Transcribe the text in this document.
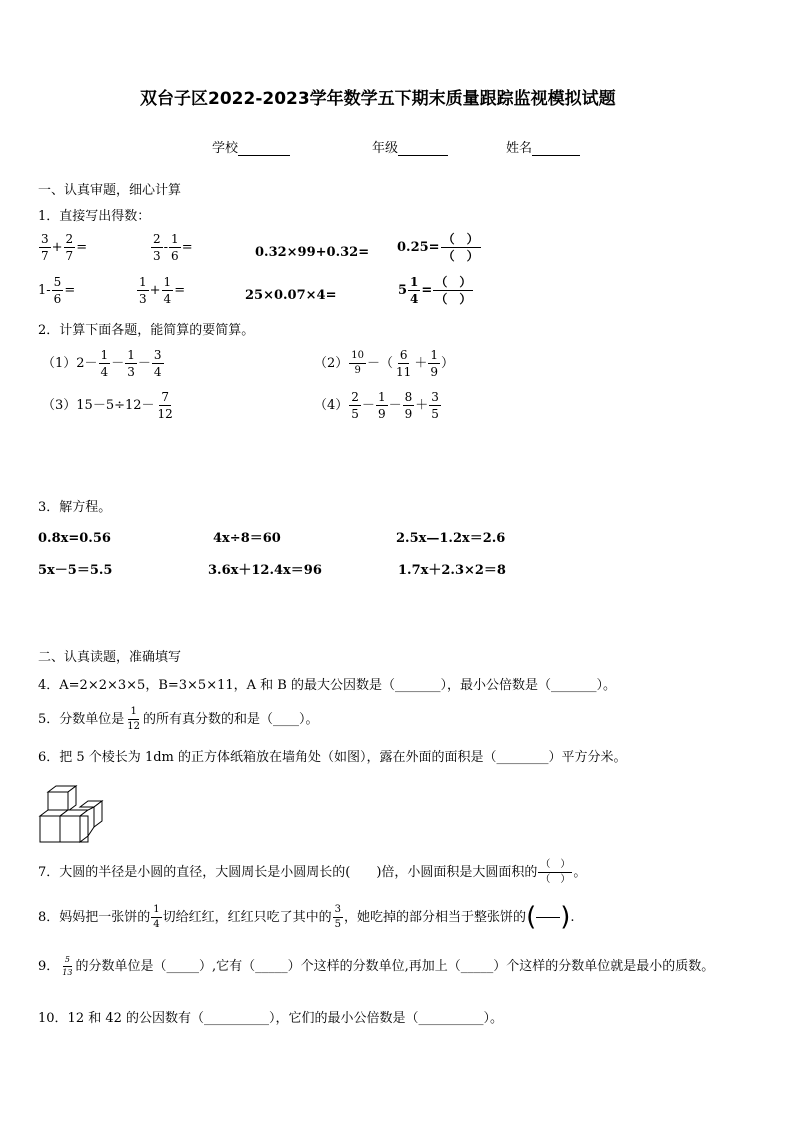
双台子区2022-2023学年数学五下期末质量跟踪监视模拟试题
学校	年级	姓名
一、认真审题，细心计算
1．直接写出得数：
$\frac{3}{7} + \frac{2}{7}$ =	$\frac{2}{3} - \frac{1}{6}$ =	$0.32\times 99+0.32= 0.25= \frac{( )}{( )}$
$1- \frac{5}{6}$ =	$\frac{1}{3} + \frac{1}{4}$ =	25×0.07×4=	$5 \frac{1}{4} = \frac{( )}{( )}$
2．计算下面各题，能简算的要简算。
$(1)2- \frac{1}{4} - \frac{1}{3} - \frac{3}{4}$	$(2) \frac{10}{9}$ －（ $\frac{6}{11} + \frac{1}{9}$ ）
$(3)15-5\div 12- \frac{7}{12}$	$(4) \frac{2}{5} - \frac{1}{9} - \frac{8}{9} + \frac{3}{5}$
3．解方程。
0.8x=0.56	4x÷8＝60	2.5x—1.2x＝2.6
5x－5＝5.5	3.6x＋12.4x＝96	1.7x＋2.3×2＝8
二、认真读题，准确填写
4．A=2×2×3×5，B=3×5×11，A 和 B 的最大公因数是（_______），最小公倍数是（_______）。
5．分数单位是 $\frac{1}{12}$ 的所有真分数的和是（____）。
6．把 5 个棱长为 1dm 的正方体纸箱放在墙角处（如图），露在外面的面积是（________）平方分米。
7．大圆的半径是小圆的直径，大圆周长是小圆周长的(　　)倍，小圆面积是大圆面积的 $\frac{( )}{( )}$ 。
8．妈妈把一张饼的 $\frac{1}{4}$ 切给红红，红红只吃了其中的 $\frac{3}{5}$ ，她吃掉的部分相当于整张饼的 ( ) .
9． $\frac{5}{13}$ 的分数单位是（_____）,它有（_____）个这样的分数单位,再加上（_____）个这样的分数单位就是最小的质数。
10．12 和 42 的公因数有（__________），它们的最小公倍数是（__________）。
